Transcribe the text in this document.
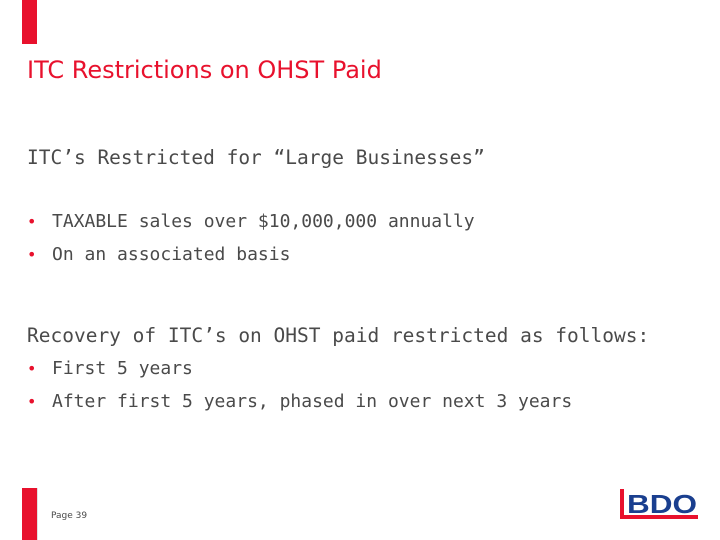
ITC Restrictions on OHST Paid
ITC’s Restricted for “Large Businesses”
• TAXABLE sales over $10,000,000 annually
• On an associated basis
Recovery of ITC’s on OHST paid restricted as follows:
• First 5 years
• After first 5 years, phased in over next 3 years
Page 39	BDO
